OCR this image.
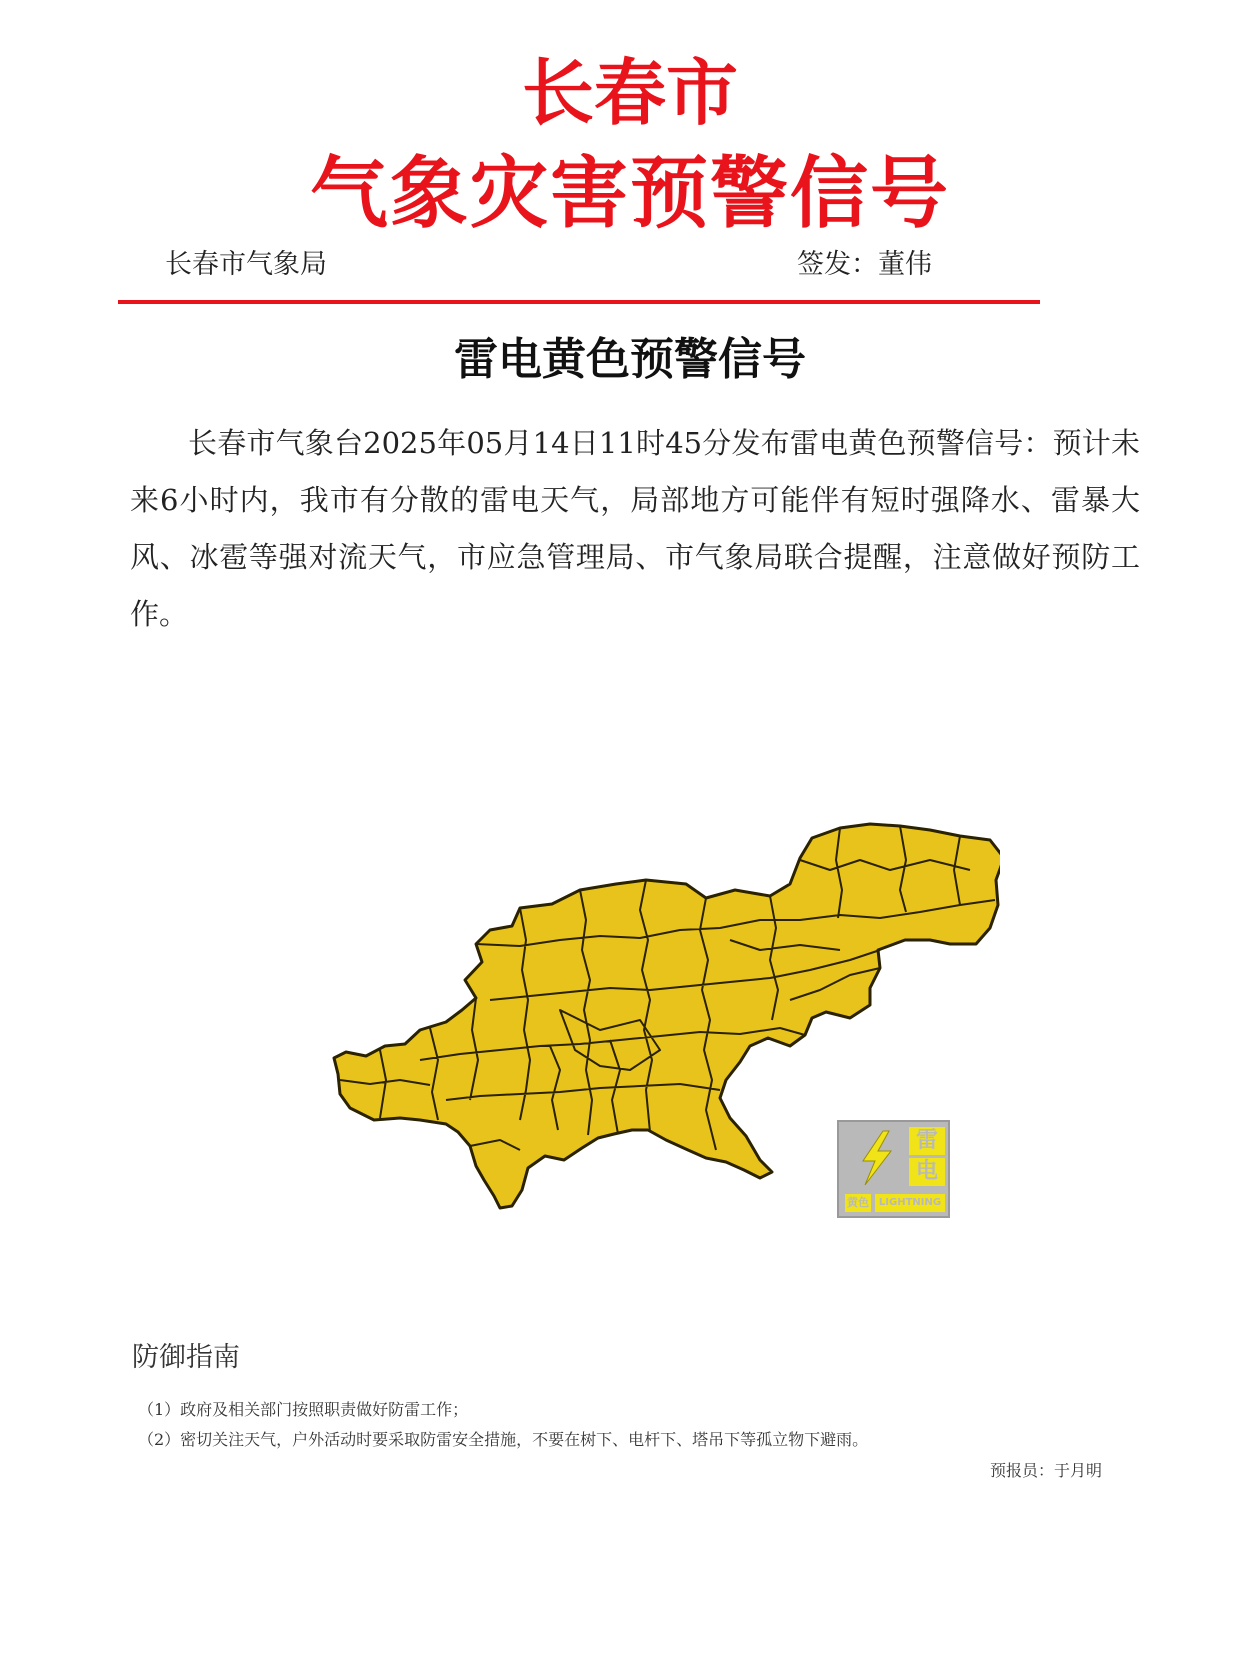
长春市
气象灾害预警信号
长春市气象局	签发：董伟
雷电黄色预警信号

长春市气象台2025年05月14日11时45分发布雷电黄色预警信号：预计未来6小时内，我市有分散的雷电天气，局部地方可能伴有短时强降水、雷暴大风、冰雹等强对流天气，市应急管理局、市气象局联合提醒，注意做好预防工作。

雷
电
黄色 LIGHTNING
防御指南
（1）政府及相关部门按照职责做好防雷工作；
（2）密切关注天气，户外活动时要采取防雷安全措施，不要在树下、电杆下、塔吊下等孤立物下避雨。
预报员：于月明
